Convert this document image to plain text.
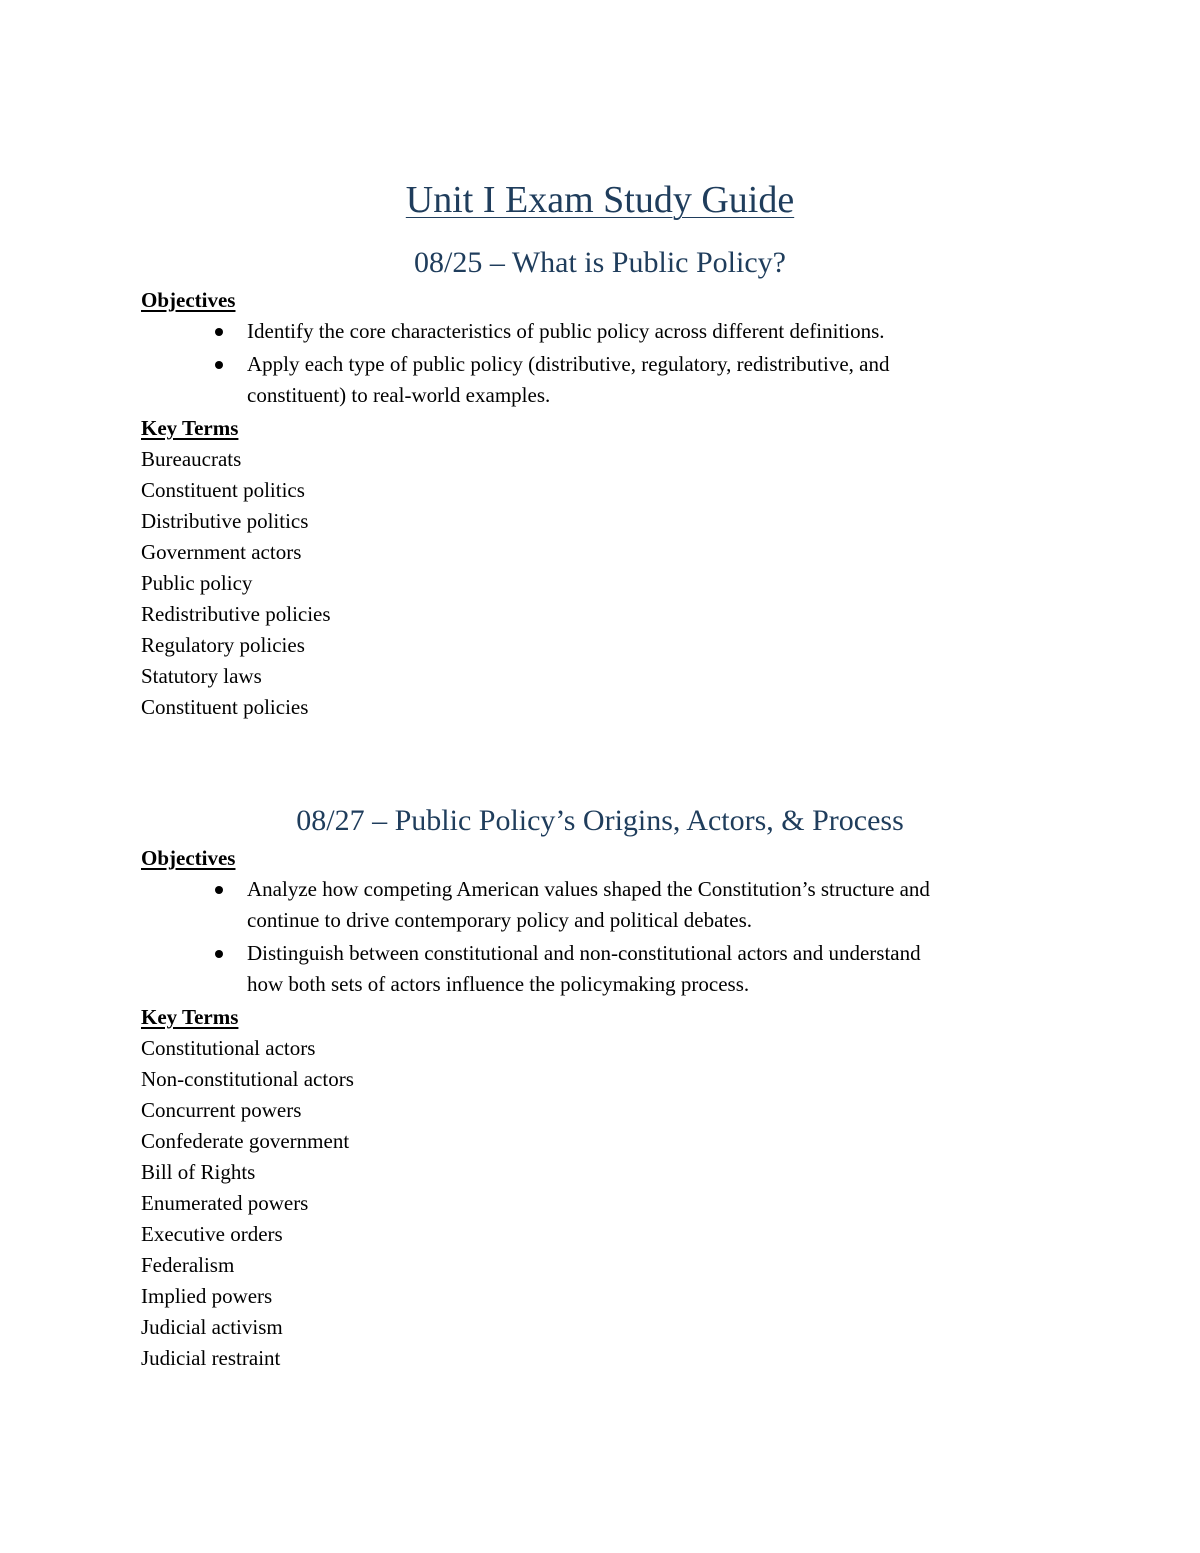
Unit I Exam Study Guide
08/25 – What is Public Policy?
Objectives
Identify the core characteristics of public policy across different definitions.
Apply each type of public policy (distributive, regulatory, redistributive, and constituent) to real-world examples.
Key Terms
Bureaucrats
Constituent politics
Distributive politics
Government actors
Public policy
Redistributive policies
Regulatory policies
Statutory laws
Constituent policies
08/27 – Public Policy’s Origins, Actors, & Process
Objectives
Analyze how competing American values shaped the Constitution’s structure and continue to drive contemporary policy and political debates.
Distinguish between constitutional and non-constitutional actors and understand how both sets of actors influence the policymaking process.
Key Terms
Constitutional actors
Non-constitutional actors
Concurrent powers
Confederate government
Bill of Rights
Enumerated powers
Executive orders
Federalism
Implied powers
Judicial activism
Judicial restraint
